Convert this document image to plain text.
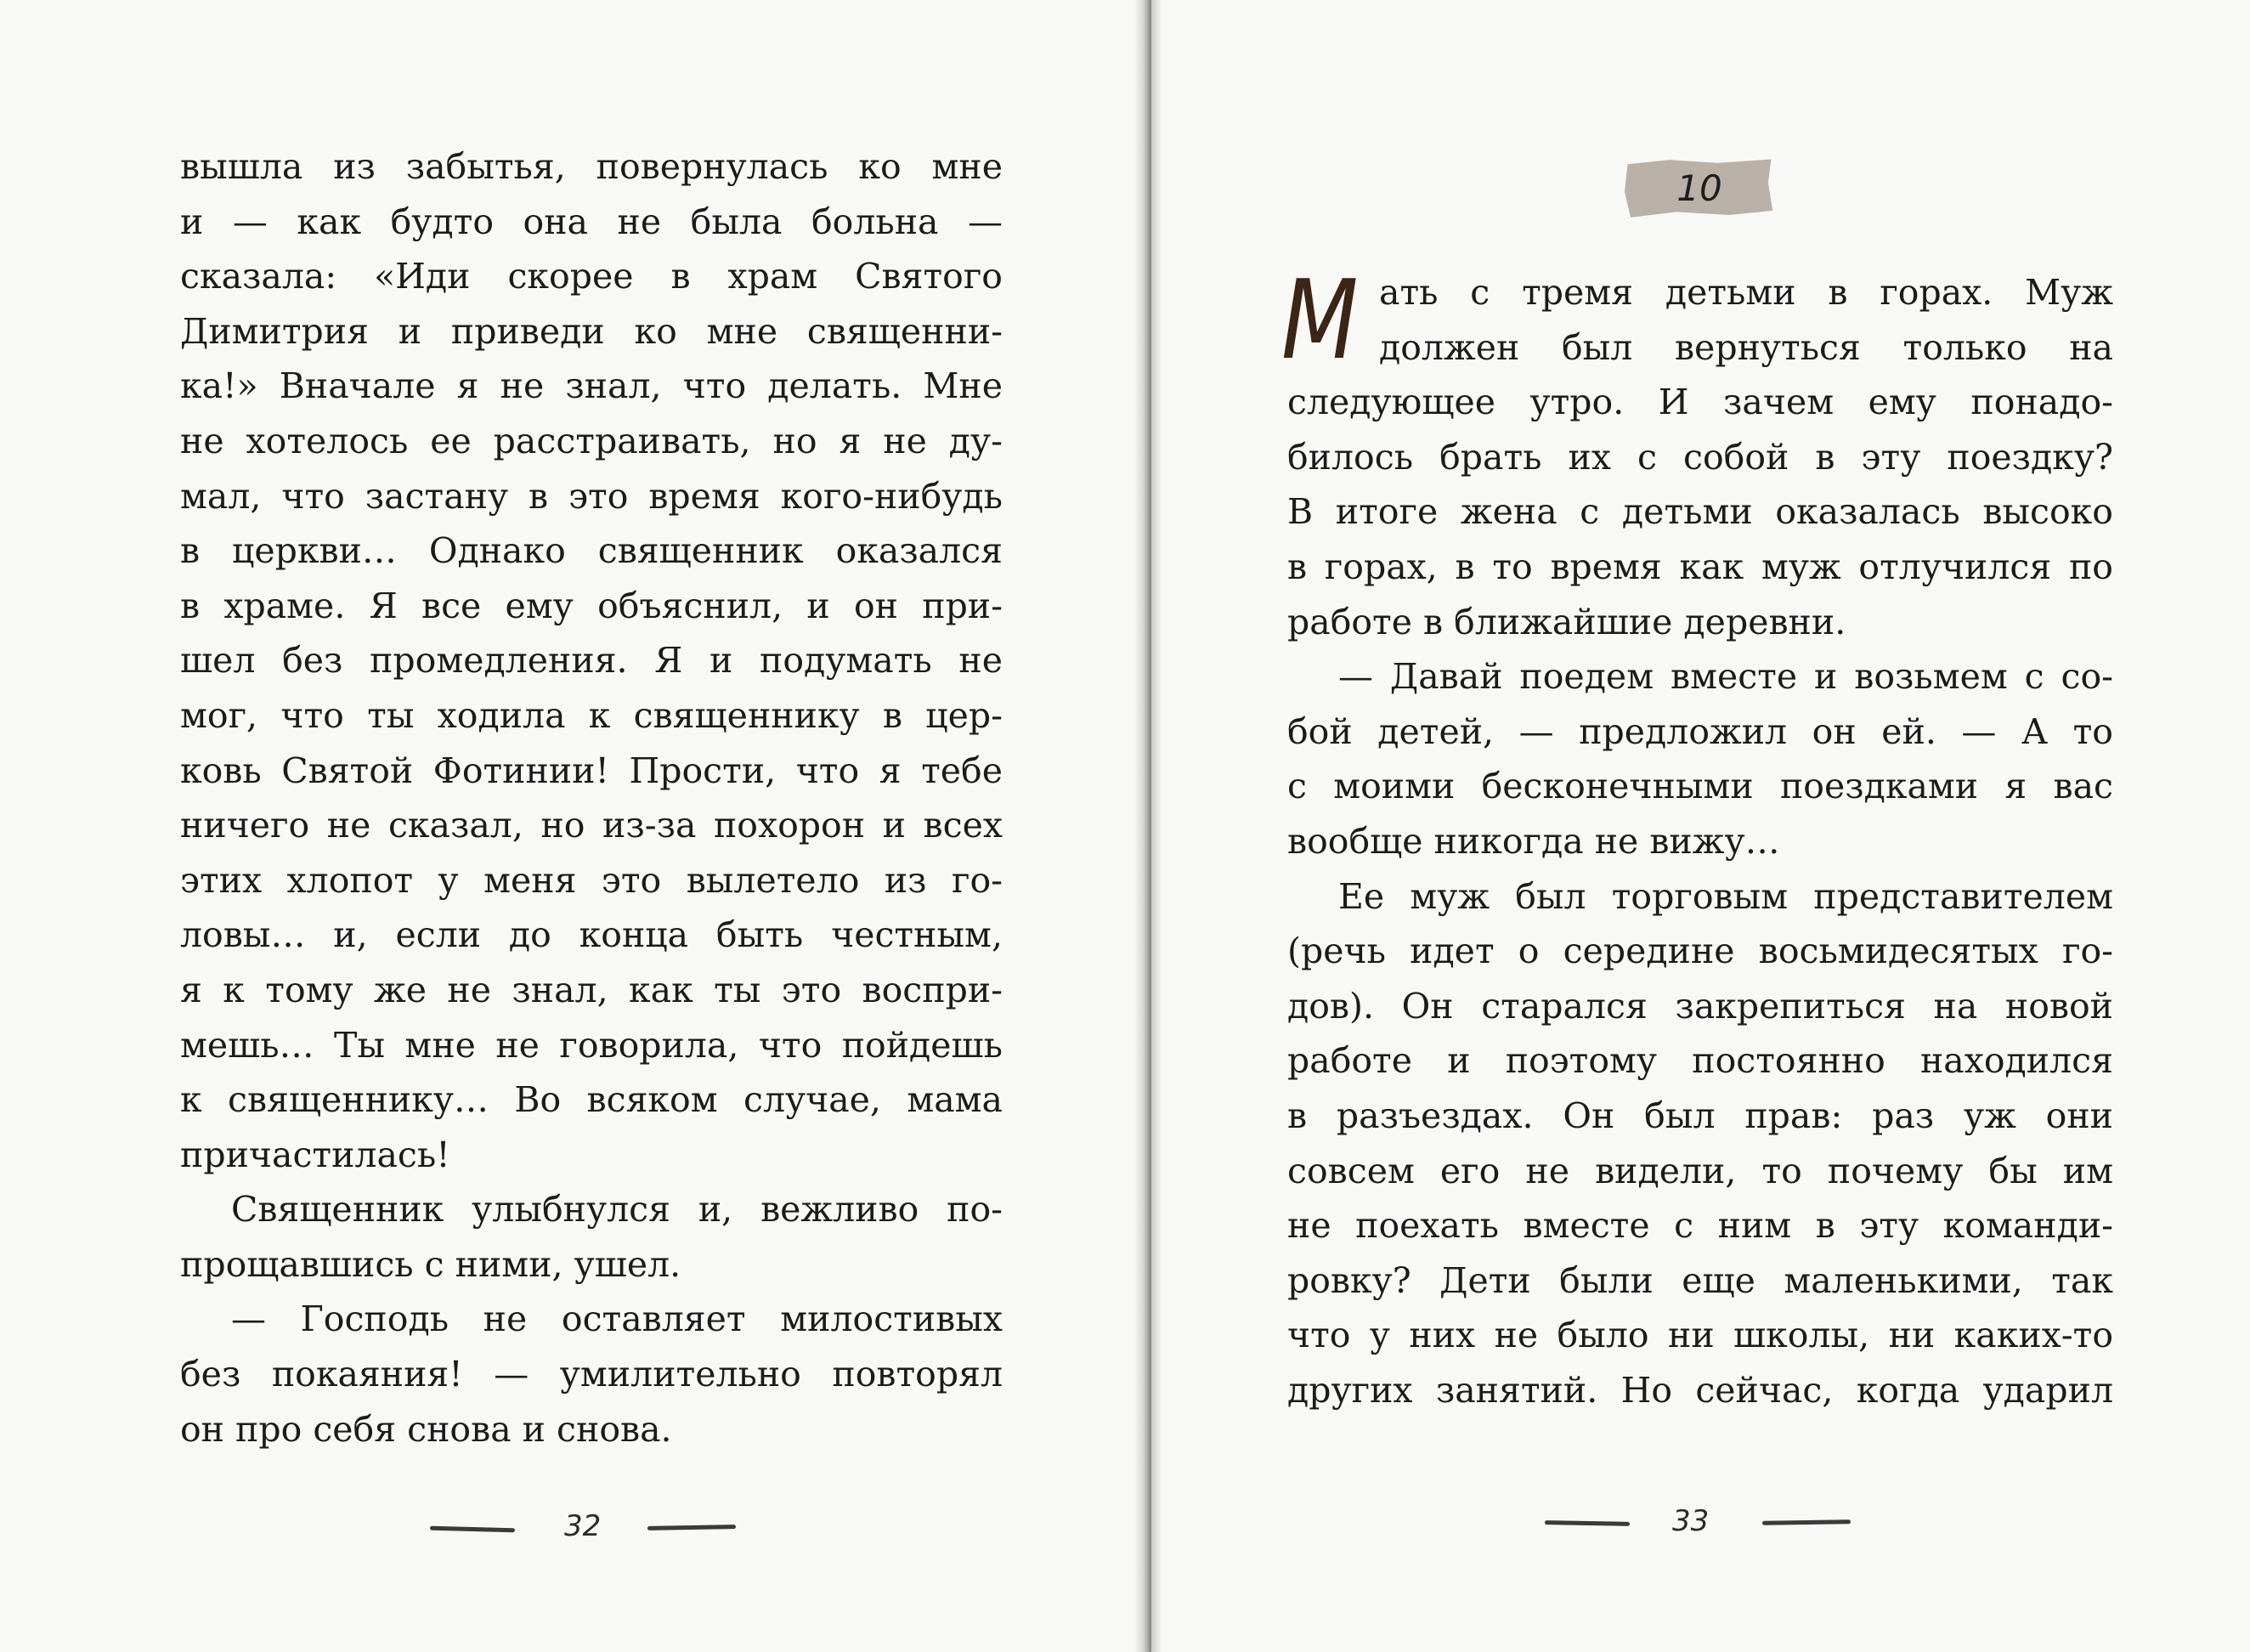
вышла из забытья, повернулась ко мне
и — как будто она не была больна —
сказала: «Иди скорее в храм Святого
Димитрия и приведи ко мне священни-
ка!» Вначале я не знал, что делать. Мне
не хотелось ее расстраивать, но я не ду-
мал, что застану в это время кого-нибудь
в церкви… Однако священник оказался
в храме. Я все ему объяснил, и он при-
шел без промедления. Я и подумать не
мог, что ты ходила к священнику в цер-
ковь Святой Фотинии! Прости, что я тебе
ничего не сказал, но из-за похорон и всех
этих хлопот у меня это вылетело из го-
ловы… и, если до конца быть честным,
я к тому же не знал, как ты это воспри-
мешь… Ты мне не говорила, что пойдешь
к священнику… Во всяком случае, мама
причастилась!
Священник улыбнулся и, вежливо по-
прощавшись с ними, ушел.
— Господь не оставляет милостивых
без покаяния! — умилительно повторял
он про себя снова и снова.
32
10
М ать с тремя детьми в горах. Муж
должен был вернуться только на
следующее утро. И зачем ему понадо-
билось брать их с собой в эту поездку?
В итоге жена с детьми оказалась высоко
в горах, в то время как муж отлучился по
работе в ближайшие деревни.
— Давай поедем вместе и возьмем с со-
бой детей, — предложил он ей. — А то
с моими бесконечными поездками я вас
вообще никогда не вижу…
Ее муж был торговым представителем
(речь идет о середине восьмидесятых го-
дов). Он старался закрепиться на новой
работе и поэтому постоянно находился
в разъездах. Он был прав: раз уж они
совсем его не видели, то почему бы им
не поехать вместе с ним в эту команди-
ровку? Дети были еще маленькими, так
что у них не было ни школы, ни каких-то
других занятий. Но сейчас, когда ударил
33
